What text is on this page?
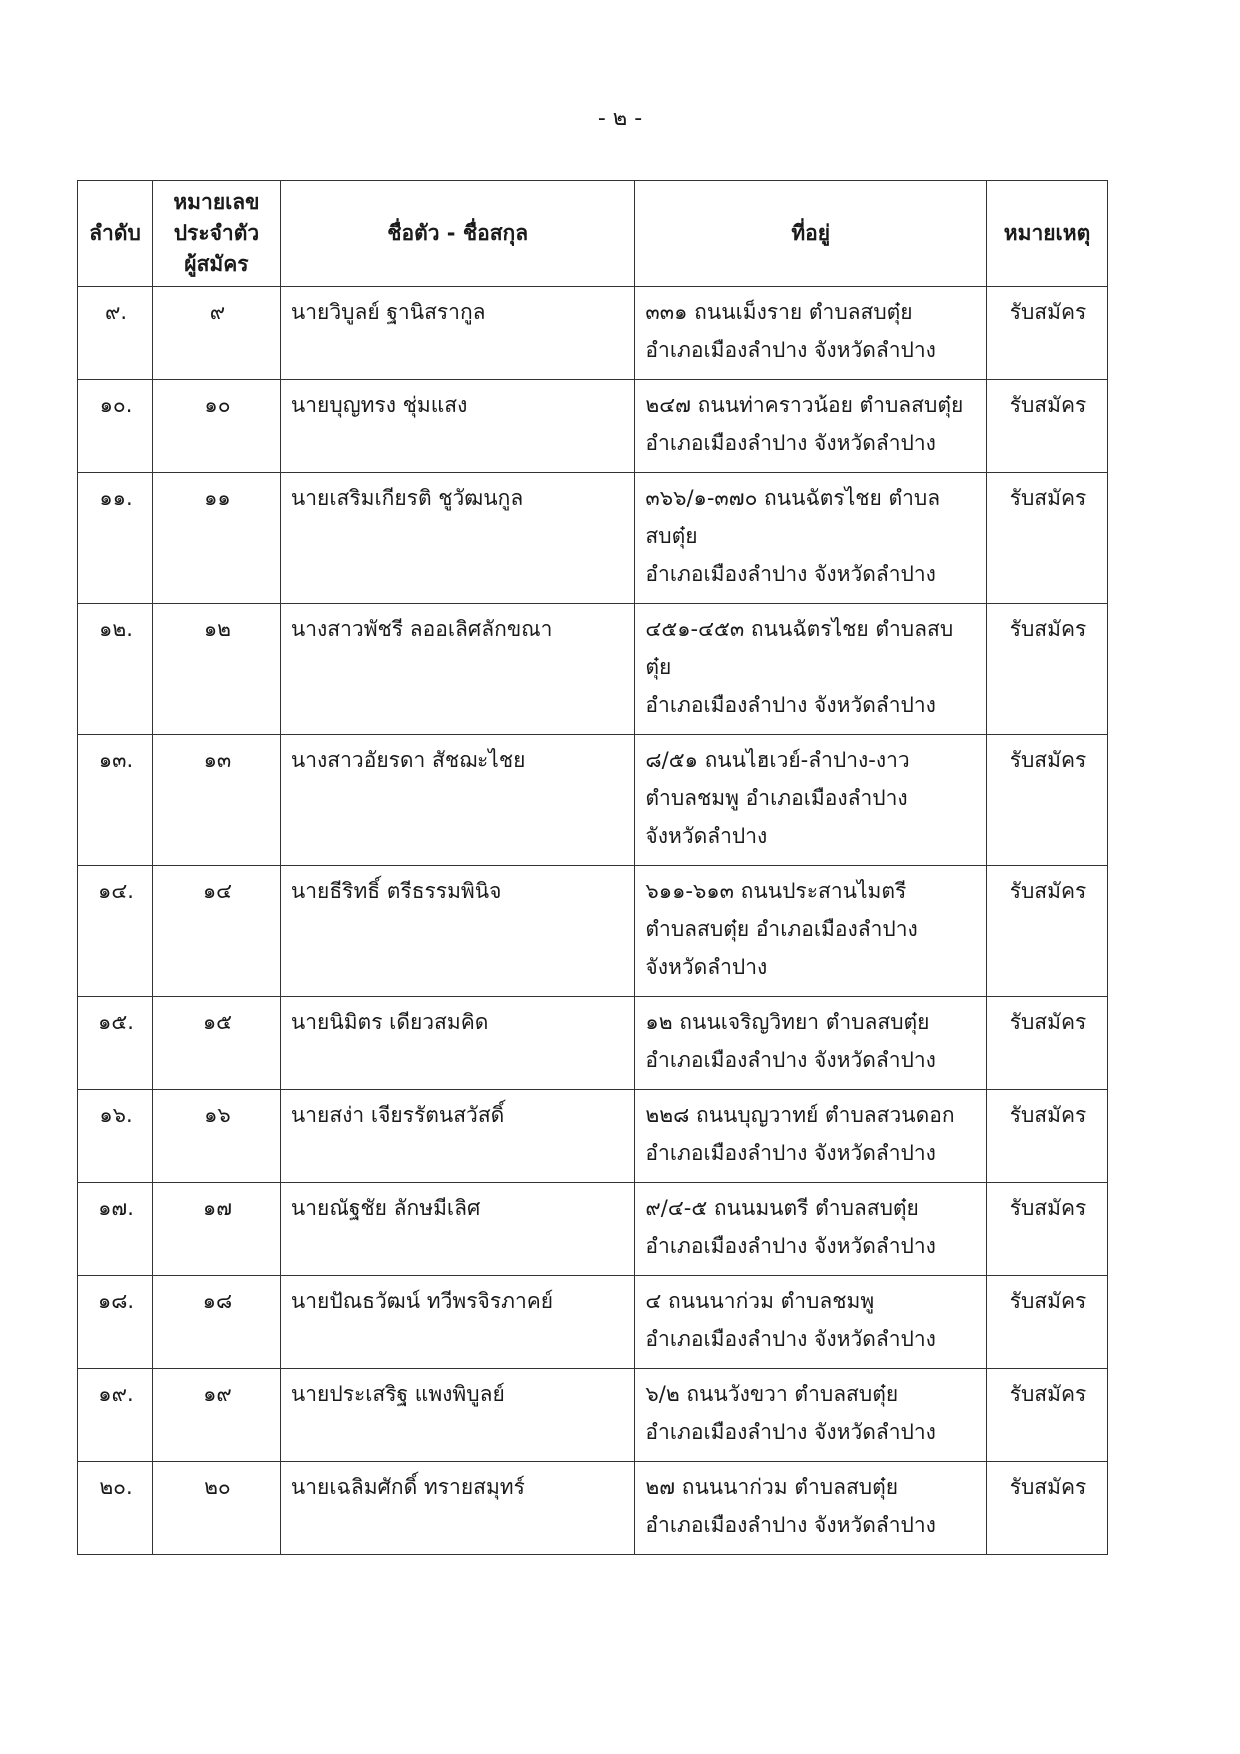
- ๒ -
ลำดับ	หมายเลข
ประจำตัว
ผู้สมัคร	ชื่อตัว - ชื่อสกุล	ที่อยู่	หมายเหตุ
๙.	๙	นายวิบูลย์ ฐานิสรากูล	๓๓๑ ถนนเม็งราย ตำบลสบตุ๋ย
อำเภอเมืองลำปาง จังหวัดลำปาง	รับสมัคร
๑๐.	๑๐	นายบุญทรง ชุ่มแสง	๒๔๗ ถนนท่าคราวน้อย ตำบลสบตุ๋ย
อำเภอเมืองลำปาง จังหวัดลำปาง	รับสมัคร
๑๑.	๑๑	นายเสริมเกียรติ ชูวัฒนกูล	๓๖๖/๑-๓๗๐ ถนนฉัตรไชย ตำบล
สบตุ๋ย
อำเภอเมืองลำปาง จังหวัดลำปาง	รับสมัคร
๑๒.	๑๒	นางสาวพัชรี ลออเลิศลักขณา	๔๕๑-๔๕๓ ถนนฉัตรไชย ตำบลสบตุ๋ย
อำเภอเมืองลำปาง จังหวัดลำปาง	รับสมัคร
๑๓.	๑๓	นางสาวอัยรดา สัชฌะไชย	๘/๕๑ ถนนไฮเวย์-ลำปาง-งาว
ตำบลชมพู อำเภอเมืองลำปาง
จังหวัดลำปาง	รับสมัคร
๑๔.	๑๔	นายธีริทธิ์ ตรีธรรมพินิจ	๖๑๑-๖๑๓ ถนนประสานไมตรี
ตำบลสบตุ๋ย อำเภอเมืองลำปาง
จังหวัดลำปาง	รับสมัคร
๑๕.	๑๕	นายนิมิตร เดียวสมคิด	๑๒ ถนนเจริญวิทยา ตำบลสบตุ๋ย
อำเภอเมืองลำปาง จังหวัดลำปาง	รับสมัคร
๑๖.	๑๖	นายสง่า เจียรรัตนสวัสดิ์	๒๒๘ ถนนบุญวาทย์ ตำบลสวนดอก
อำเภอเมืองลำปาง จังหวัดลำปาง	รับสมัคร
๑๗.	๑๗	นายณัฐชัย ลักษมีเลิศ	๙/๔-๕ ถนนมนตรี ตำบลสบตุ๋ย
อำเภอเมืองลำปาง จังหวัดลำปาง	รับสมัคร
๑๘.	๑๘	นายปัณธวัฒน์ ทวีพรจิรภาคย์	๔ ถนนนาก่วม ตำบลชมพู
อำเภอเมืองลำปาง จังหวัดลำปาง	รับสมัคร
๑๙.	๑๙	นายประเสริฐ แพงพิบูลย์	๖/๒ ถนนวังขวา ตำบลสบตุ๋ย
อำเภอเมืองลำปาง จังหวัดลำปาง	รับสมัคร
๒๐.	๒๐	นายเฉลิมศักดิ์ ทรายสมุทร์	๒๗ ถนนนาก่วม ตำบลสบตุ๋ย
อำเภอเมืองลำปาง จังหวัดลำปาง	รับสมัคร
